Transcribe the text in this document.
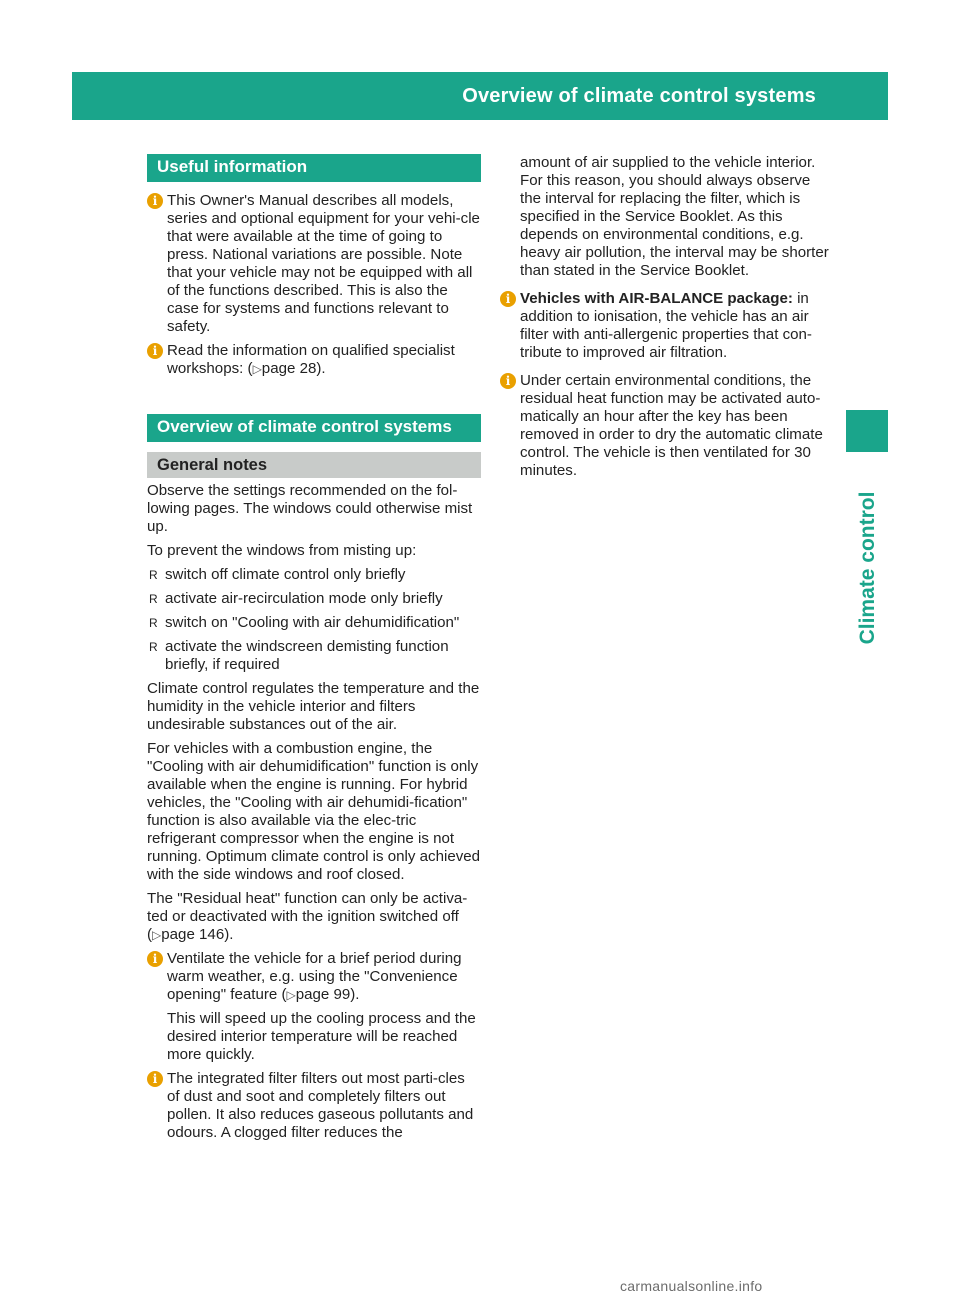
Overview of climate control systems	135
Climate control
Useful information
i This Owner's Manual describes all models, series and optional equipment for your vehi-cle that were available at the time of going to press. National variations are possible. Note that your vehicle may not be equipped with all of the functions described. This is also the case for systems and functions relevant to safety.

i Read the information on qualified specialist workshops: (▷page 28).

Overview of climate control systems
General notes

Observe the settings recommended on the fol-lowing pages. The windows could otherwise mist up.

To prevent the windows from misting up:

R switch off climate control only briefly
R activate air-recirculation mode only briefly
R switch on "Cooling with air dehumidification"
R activate the windscreen demisting function briefly, if required

Climate control regulates the temperature and the humidity in the vehicle interior and filters undesirable substances out of the air.

For vehicles with a combustion engine, the "Cooling with air dehumidification" function is only available when the engine is running. For hybrid vehicles, the "Cooling with air dehumidi-fication" function is also available via the elec-tric refrigerant compressor when the engine is not running. Optimum climate control is only achieved with the side windows and roof closed.

The "Residual heat" function can only be activa-ted or deactivated with the ignition switched off (▷page 146).

i Ventilate the vehicle for a brief period during warm weather, e.g. using the "Convenience opening" feature (▷page 99).

This will speed up the cooling process and the desired interior temperature will be reached more quickly.

i The integrated filter filters out most parti-cles of dust and soot and completely filters out pollen. It also reduces gaseous pollutants and odours. A clogged filter reduces the

amount of air supplied to the vehicle interior. For this reason, you should always observe the interval for replacing the filter, which is specified in the Service Booklet. As this depends on environmental conditions, e.g. heavy air pollution, the interval may be shorter than stated in the Service Booklet.

i Vehicles with AIR-BALANCE package: in addition to ionisation, the vehicle has an air filter with anti-allergenic properties that con-tribute to improved air filtration.

i Under certain environmental conditions, the residual heat function may be activated auto-matically an hour after the key has been removed in order to dry the automatic climate control. The vehicle is then ventilated for 30 minutes.

carmanualsonline.info
